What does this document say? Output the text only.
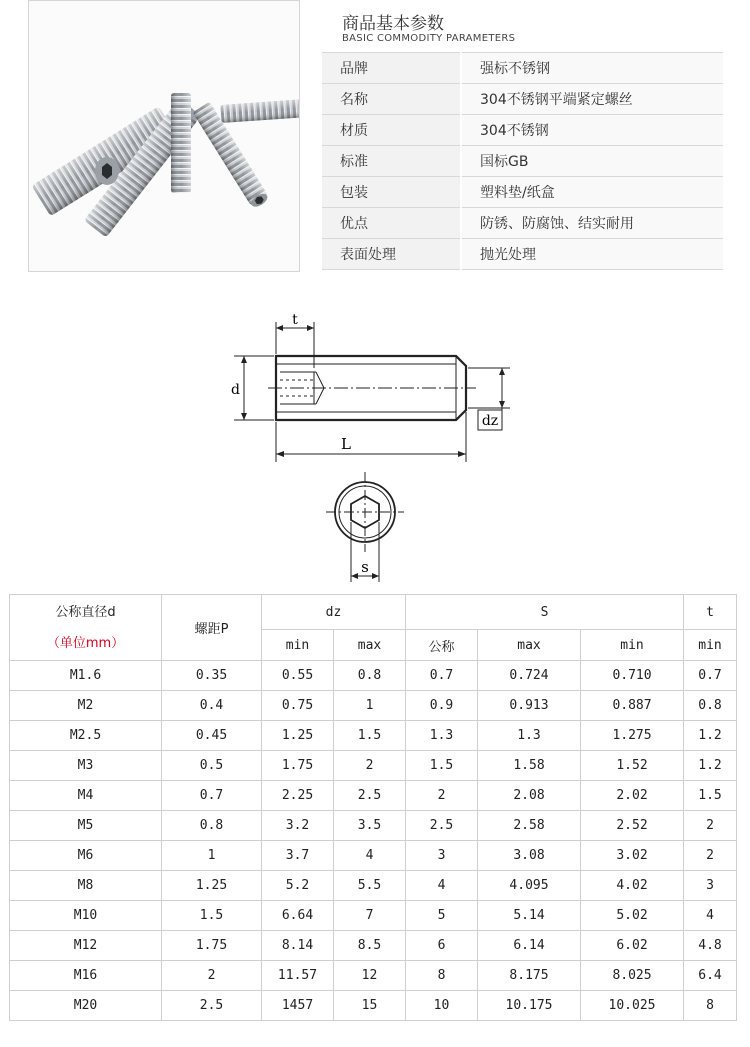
商品基本参数
BASIC COMMODITY PARAMETERS
品牌	强标不锈钢
名称	304不锈钢平端紧定螺丝
材质	304不锈钢
标准	国标GB
包装	塑料垫/纸盒
优点	防锈、防腐蚀、结实耐用
表面处理	抛光处理
t
d
dz
L
s
公称直径d
（单位mm）	螺距P	dz		S			t
		min	max	公称	max	min	min
M1.6	0.35	0.55	0.8	0.7	0.724	0.710	0.7
M2	0.4	0.75	1	0.9	0.913	0.887	0.8
M2.5	0.45	1.25	1.5	1.3	1.3	1.275	1.2
M3	0.5	1.75	2	1.5	1.58	1.52	1.2
M4	0.7	2.25	2.5	2	2.08	2.02	1.5
M5	0.8	3.2	3.5	2.5	2.58	2.52	2
M6	1	3.7	4	3	3.08	3.02	2
M8	1.25	5.2	5.5	4	4.095	4.02	3
M10	1.5	6.64	7	5	5.14	5.02	4
M12	1.75	8.14	8.5	6	6.14	6.02	4.8
M16	2	11.57	12	8	8.175	8.025	6.4
M20	2.5	1457	15	10	10.175	10.025	8
